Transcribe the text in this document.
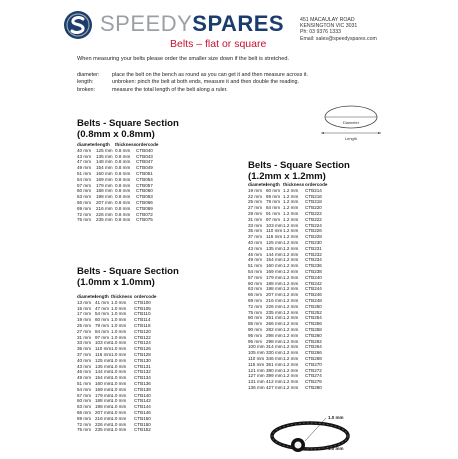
SPEEDYSPARES
Belts – flat or square
451 MACAULAY ROAD
KENSINGTON VIC 3031
Ph: 03 9376 1333
Email: sales@speedyspares.com
When measuring your belts please order the smaller size down if the belt is stretched.
diameter: place the belt on the bench as round as you can get it and then measure across it.
length:	unbroken: pinch the belt at both ends, measure it and then double the reading.
broken:	measure the total length of the belt along a ruler.
Diameter
Length
Belts - Square Section
(0.8mm x 0.8mm)
diameter length	thickness ordercode
40 mm	125 mm 0.8 mm	CTB040
43 mm	135 mm 0.8 mm	CTB043
47 mm	148 mm 0.8 mm	CTB047
49 mm	154 mm 0.8 mm	CTB049
51 mm	160 mm 0.8 mm	CTB051
54 mm	169 mm 0.8 mm	CTB054
57 mm	179 mm 0.8 mm	CTB057
60 mm	188 mm 0.8 mm	CTB060
63 mm	198 mm 0.8 mm	CTB063
66 mm	207 mm 0.8 mm	CTB066
69 mm	216 mm 0.8 mm	CTB069
72 mm	226 mm 0.8 mm	CTB072
75 mm	235 mm 0.8 mm	CTB075
Belts - Square Section
(1.0mm x 1.0mm)
diameter
length thickness ordercode
13 mm 41 mm 1.0 mm	CTB100
15 mm 47 mm 1.0 mm	CTB105
17 mm 54 mm 1.0 mm	CTB110
19 mm 60 mm 1.0 mm	CTB114
25 mm 79 mm 1.0 mm	CTB118
27 mm 84 mm 1.0 mm	CTB120
31 mm 97 mm 1.0 mm	CTB122
33 mm 103 mm 1.0 mm	CTB124
35 mm 110 mm 1.0 mm	CTB126
37 mm 116 mm 1.0 mm	CTB128
40 mm 125 mm 1.0 mm	CTB130
43 mm 135 mm 1.0 mm	CTB131
46 mm 144 mm 1.0 mm	CTB132
49 mm 154 mm 1.0 mm	CTB134
51 mm 160 mm 1.0 mm	CTB136
54 mm 169 mm 1.0 mm	CTB138
57 mm 179 mm 1.0 mm	CTB140
60 mm 188 mm 1.0 mm	CTB142
63 mm 198 mm 1.0 mm	CTB144
66 mm 207 mm 1.0 mm	CTB146
69 mm 216 mm 1.0 mm	CTB150
72 mm 226 mm 1.0 mm	CTB150
75 mm 235 mm 1.0 mm	CTB152
Belts - Square Section
(1.2mm x 1.2mm)
diameter
length thickness ordercode
19 mm 60 mm 1.2 mm	CTB214
22 mm 69 mm 1.2 mm	CTB216
25 mm 79 mm 1.2 mm	CTB218
27 mm 84 mm 1.2 mm	CTB220
29 mm 91 mm 1.2 mm	CTB222
31 mm 97 mm 1.2 mm	CTB222
33 mm 103 mm 1.2 mm	CTB224
35 mm 110 mm 1.2 mm	CTB226
37 mm 116 mm 1.2 mm	CTB228
40 mm 125 mm 1.2 mm	CTB230
43 mm 135 mm 1.2 mm	CTB231
46 mm 144 mm 1.2 mm	CTB232
49 mm 154 mm 1.2 mm	CTB234
51 mm 160 mm 1.2 mm	CTB236
54 mm 169 mm 1.2 mm	CTB238
57 mm 179 mm 1.2 mm	CTB240
60 mm 188 mm 1.2 mm	CTB242
63 mm 198 mm 1.2 mm	CTB244
66 mm 207 mm 1.2 mm	CTB246
69 mm 216 mm 1.2 mm	CTB248
72 mm 226 mm 1.2 mm	CTB250
75 mm 235 mm 1.2 mm	CTB252
80 mm 251 mm 1.2 mm	CTB254
85 mm 266 mm 1.2 mm	CTB256
90 mm 282 mm 1.2 mm	CTB258
95 mm 298 mm 1.2 mm	CTB260
95 mm 298 mm 1.2 mm	CTB262
100 mm 314 mm 1.2 mm	CTB264
105 mm 330 mm 1.2 mm	CTB266
110 mm 346 mm 1.2 mm	CTB268
115 mm 361 mm 1.2 mm	CTB270
121 mm 380 mm 1.2 mm	CTB272
127 mm 399 mm 1.2 mm	CTB274
131 mm 412 mm 1.2 mm	CTB276
136 mm 427 mm 1.2 mm	CTB280
1.0 mm
1.0 mm
